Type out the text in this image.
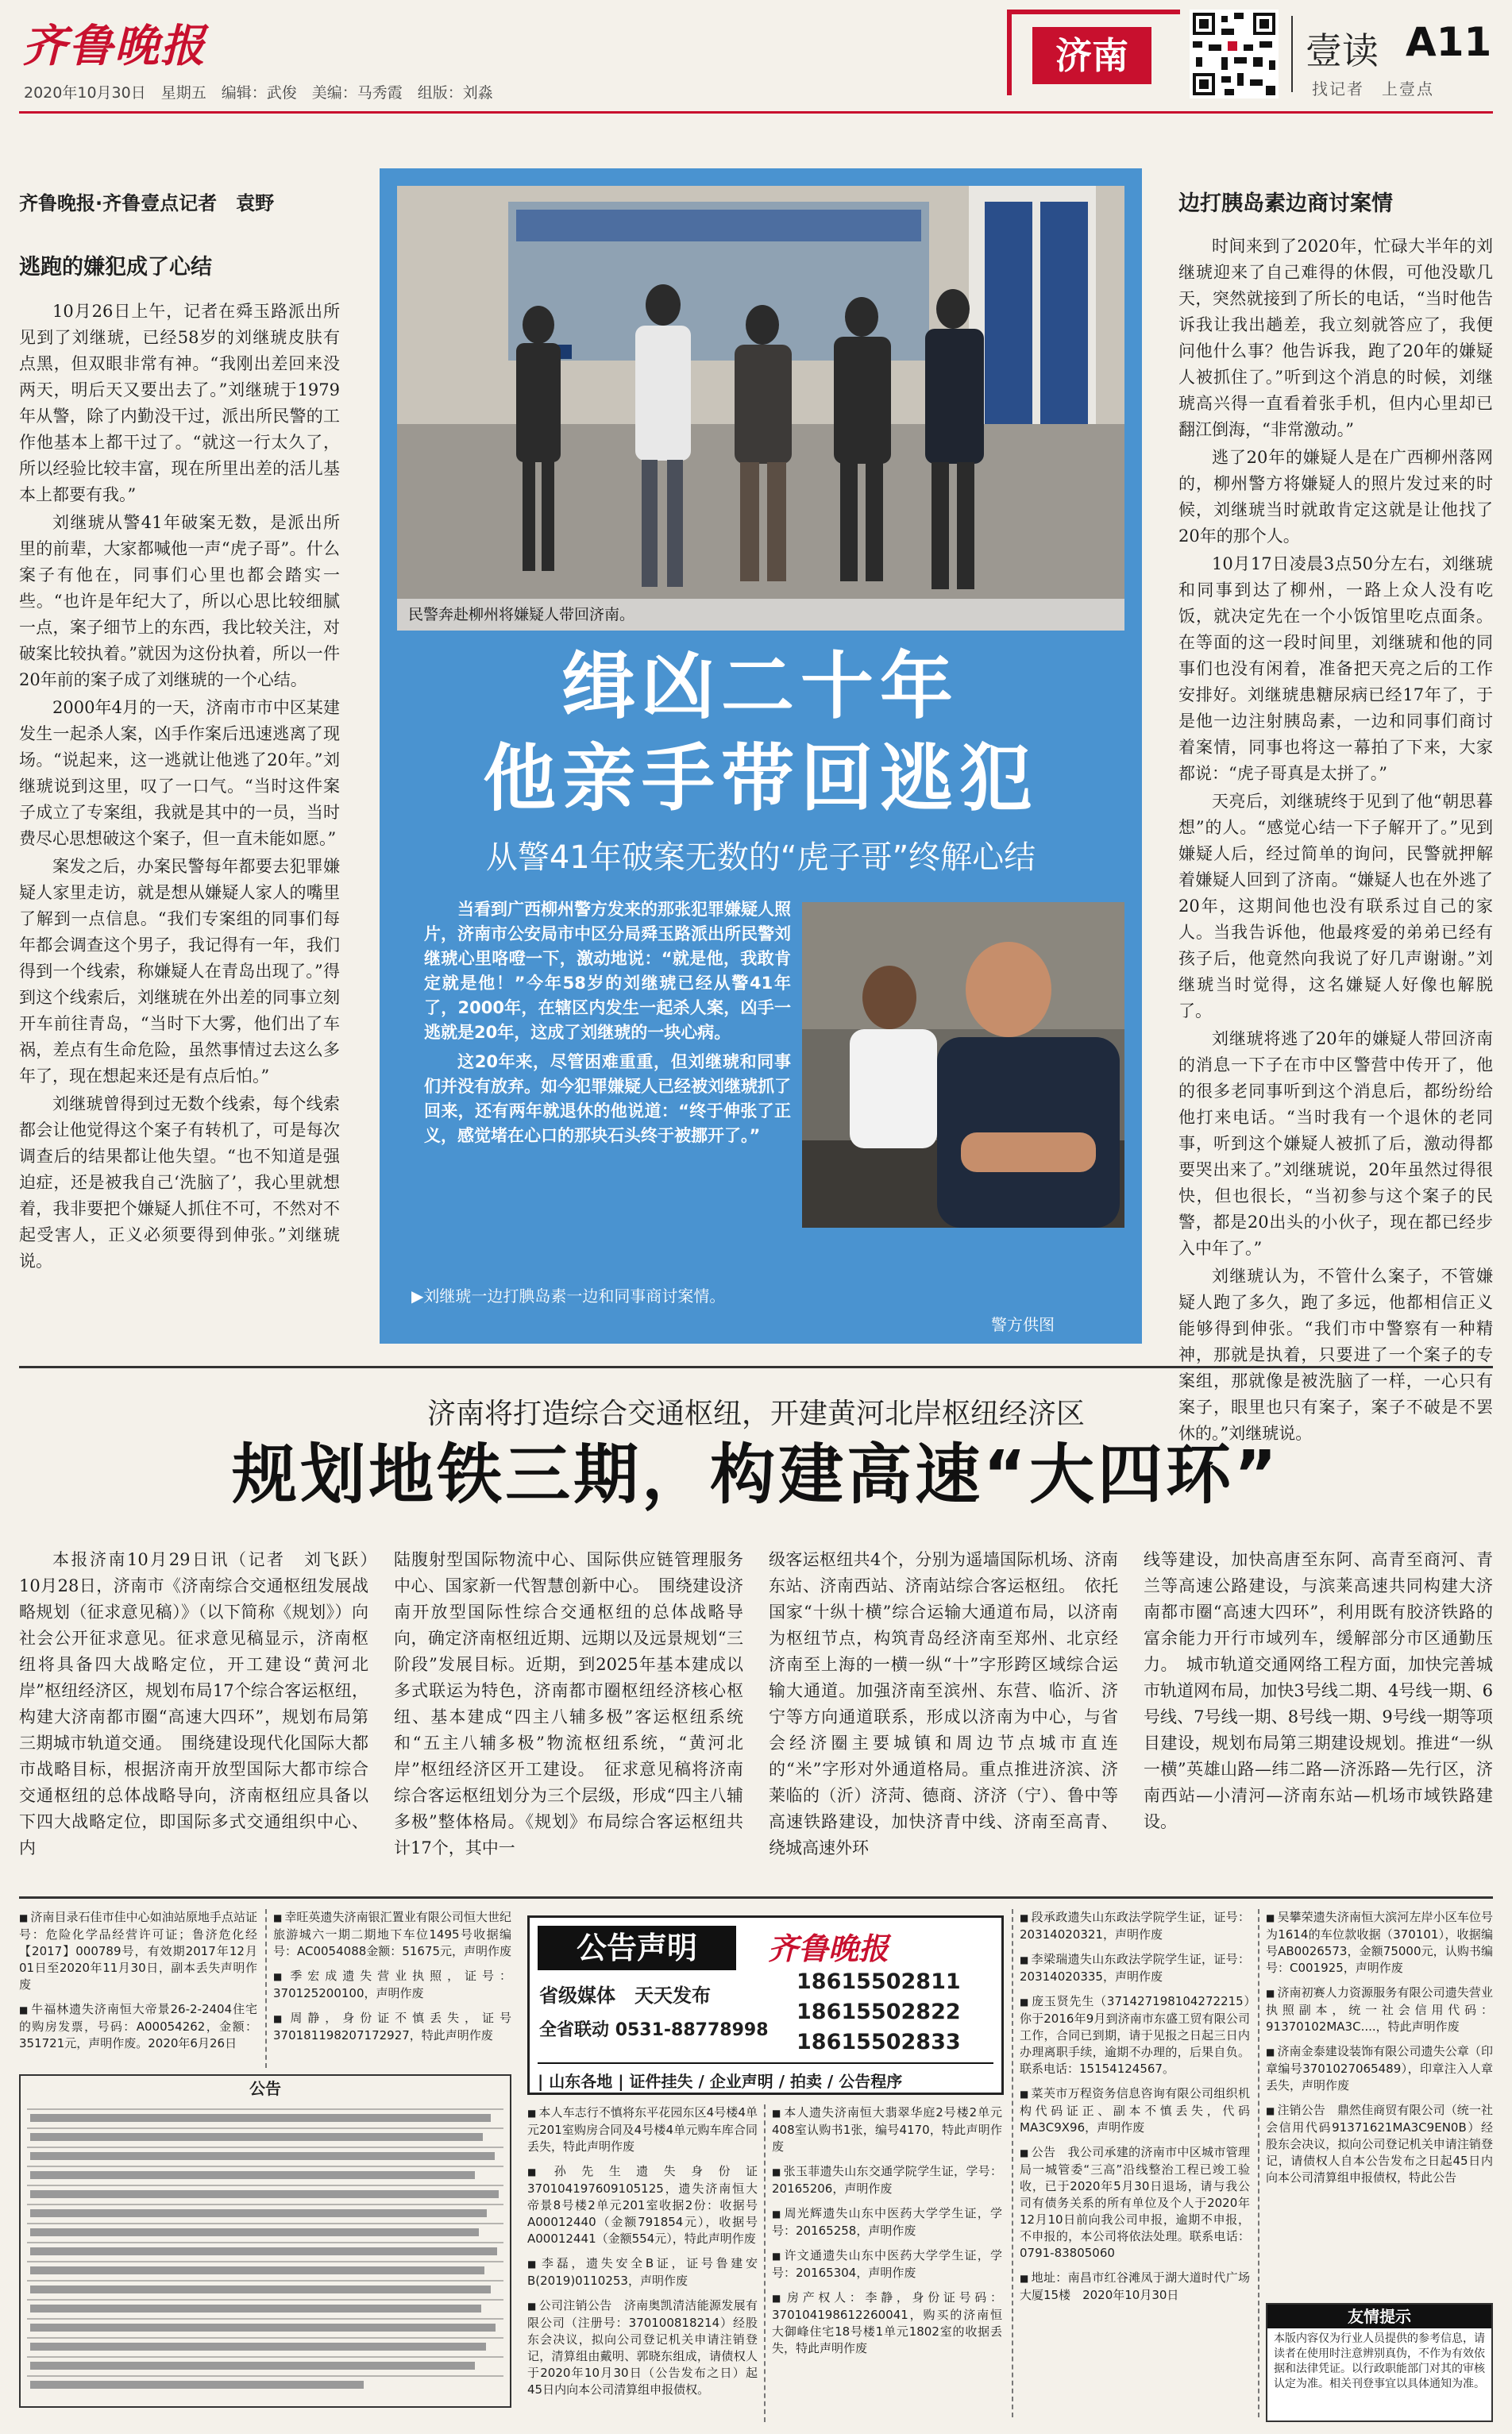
齐鲁晚报
2020年10月30日　星期五　编辑：武俊　美编：马秀霞　组版：刘淼
济南	壹读 A11
找记者　上壹点
齐鲁晚报·齐鲁壹点记者　袁野
逃跑的嫌犯成了心结

10月26日上午，记者在舜玉路派出所见到了刘继琥，已经58岁的刘继琥皮肤有点黑，但双眼非常有神。“我刚出差回来没两天，明后天又要出去了。”刘继琥于1979年从警，除了内勤没干过，派出所民警的工作他基本上都干过了。“就这一行太久了，所以经验比较丰富，现在所里出差的活儿基本上都要有我。”

刘继琥从警41年破案无数，是派出所里的前辈，大家都喊他一声“虎子哥”。什么案子有他在，同事们心里也都会踏实一些。“也许是年纪大了，所以心思比较细腻一点，案子细节上的东西，我比较关注，对破案比较执着。”就因为这份执着，所以一件20年前的案子成了刘继琥的一个心结。

2000年4月的一天，济南市市中区某建发生一起杀人案，凶手作案后迅速逃离了现场。“说起来，这一逃就让他逃了20年。”刘继琥说到这里，叹了一口气。“当时这件案子成立了专案组，我就是其中的一员，当时费尽心思想破这个案子，但一直未能如愿。”

案发之后，办案民警每年都要去犯罪嫌疑人家里走访，就是想从嫌疑人家人的嘴里了解到一点信息。“我们专案组的同事们每年都会调查这个男子，我记得有一年，我们得到一个线索，称嫌疑人在青岛出现了。”得到这个线索后，刘继琥在外出差的同事立刻开车前往青岛，“当时下大雾，他们出了车祸，差点有生命危险，虽然事情过去这么多年了，现在想起来还是有点后怕。”

刘继琥曾得到过无数个线索，每个线索都会让他觉得这个案子有转机了，可是每次调查后的结果都让他失望。“也不知道是强迫症，还是被我自己‘洗脑了’，我心里就想着，我非要把个嫌疑人抓住不可，不然对不起受害人，正义必须要得到伸张。”刘继琥说。

民警奔赴柳州将嫌疑人带回济南。
缉凶二十年
他亲手带回逃犯
从警41年破案无数的“虎子哥”终解心结

当看到广西柳州警方发来的那张犯罪嫌疑人照片，济南市公安局市中区分局舜玉路派出所民警刘继琥心里咯噔一下，激动地说：“就是他，我敢肯定就是他！”今年58岁的刘继琥已经从警41年了，2000年，在辖区内发生一起杀人案，凶手一逃就是20年，这成了刘继琥的一块心病。

这20年来，尽管困难重重，但刘继琥和同事们并没有放弃。如今犯罪嫌疑人已经被刘继琥抓了回来，还有两年就退休的他说道：“终于伸张了正义，感觉堵在心口的那块石头终于被挪开了。”

▶刘继琥一边打腆岛素一边和同事商讨案情。
警方供图
边打胰岛素边商讨案情

时间来到了2020年，忙碌大半年的刘继琥迎来了自己难得的休假，可他没歇几天，突然就接到了所长的电话，“当时他告诉我让我出趟差，我立刻就答应了，我便问他什么事？他告诉我，跑了20年的嫌疑人被抓住了。”听到这个消息的时候，刘继琥高兴得一直看着张手机，但内心里却已翻江倒海，“非常激动。”

逃了20年的嫌疑人是在广西柳州落网的，柳州警方将嫌疑人的照片发过来的时候，刘继琥当时就敢肯定这就是让他找了20年的那个人。

10月17日凌晨3点50分左右，刘继琥和同事到达了柳州，一路上众人没有吃饭，就决定先在一个小饭馆里吃点面条。在等面的这一段时间里，刘继琥和他的同事们也没有闲着，准备把天亮之后的工作安排好。刘继琥患糖尿病已经17年了，于是他一边注射胰岛素，一边和同事们商讨着案情，同事也将这一幕拍了下来，大家都说：“虎子哥真是太拼了。”

天亮后，刘继琥终于见到了他“朝思暮想”的人。“感觉心结一下子解开了。”见到嫌疑人后，经过简单的询问，民警就押解着嫌疑人回到了济南。“嫌疑人也在外逃了20年，这期间他也没有联系过自己的家人。当我告诉他，他最疼爱的弟弟已经有孩子后，他竟然向我说了好几声谢谢。”刘继琥当时觉得，这名嫌疑人好像也解脱了。

刘继琥将逃了20年的嫌疑人带回济南的消息一下子在市中区警营中传开了，他的很多老同事听到这个消息后，都纷纷给他打来电话。“当时我有一个退休的老同事，听到这个嫌疑人被抓了后，激动得都要哭出来了。”刘继琥说，20年虽然过得很快，但也很长，“当初参与这个案子的民警，都是20出头的小伙子，现在都已经步入中年了。”

刘继琥认为，不管什么案子，不管嫌疑人跑了多久，跑了多远，他都相信正义能够得到伸张。“我们市中警察有一种精神，那就是执着，只要进了一个案子的专案组，那就像是被洗脑了一样，一心只有案子，眼里也只有案子，案子不破是不罢休的。”刘继琥说。

济南将打造综合交通枢纽，开建黄河北岸枢纽经济区
规划地铁三期，构建高速“大四环”

本报济南10月29日讯（记者　刘飞跃）　10月28日，济南市《济南综合交通枢纽发展战略规划（征求意见稿）》（以下简称《规划》）向社会公开征求意见。征求意见稿显示，济南枢纽将具备四大战略定位，开工建设“黄河北岸”枢纽经济区，规划布局17个综合客运枢纽，构建大济南都市圈“高速大四环”，规划布局第三期城市轨道交通。　围绕建设现代化国际大都市战略目标，根据济南开放型国际大都市综合交通枢纽的总体战略导向，济南枢纽应具备以下四大战略定位，即国际多式交通组织中心、内

陆腹射型国际物流中心、国际供应链管理服务中心、国家新一代智慧创新中心。　围绕建设济南开放型国际性综合交通枢纽的总体战略导向，确定济南枢纽近期、远期以及远景规划“三阶段”发展目标。近期，到2025年基本建成以多式联运为特色，济南都市圈枢纽经济核心枢纽、基本建成“四主八辅多极”客运枢纽系统和“五主八辅多极”物流枢纽系统，“黄河北岸”枢纽经济区开工建设。　征求意见稿将济南综合客运枢纽划分为三个层级，形成“四主八辅多极”整体格局。《规划》布局综合客运枢纽共计17个，其中一

级客运枢纽共4个，分别为遥墙国际机场、济南东站、济南西站、济南站综合客运枢纽。　依托国家“十纵十横”综合运输大通道布局，以济南为枢纽节点，构筑青岛经济南至郑州、北京经济南至上海的一横一纵“十”字形跨区域综合运输大通道。加强济南至滨州、东营、临沂、济宁等方向通道联系，形成以济南为中心，与省会经济圈主要城镇和周边节点城市直连的“米”字形对外通道格局。重点推进济滨、济莱临的（沂）济菏、德商、济济（宁）、鲁中等高速铁路建设，加快济青中线、济南至高青、绕城高速外环

线等建设，加快高唐至东阿、高青至商河、青兰等高速公路建设，与滨莱高速共同构建大济南都市圈“高速大四环”，利用既有胶济铁路的富余能力开行市域列车，缓解部分市区通勤压力。　城市轨道交通网络工程方面，加快完善城市轨道网布局，加快3号线二期、4号线一期、6号线、7号线一期、8号线一期、9号线一期等项目建设，规划布局第三期建设规划。推进“一纵一横”英雄山路—纬二路—济泺路—先行区，济南西站—小清河—济南东站—机场市域铁路建设。

■ 济南目录石佳市佳中心如油站原地手点站证号：危险化学品经营许可证；鲁济危化经【2017】000789号，有效期2017年12月01日至2020年11月30日，副本丢失声明作废
■ 牛福林遗失济南恒大帝景26-2-2404住宅的购房发票，号码：A00054262，金额：351721元，声明作废。2020年6月26日
■ 幸旺英遗失济南银汇置业有限公司恒大世纪旅游城六一期二期地下车位1495号收据编号：AC0054088金额：51675元，声明作废
■ 季宏成遗失营业执照，证号：370125200100，声明作废
■ 周静，身份证不慎丢失，证号370181198207172927，特此声明作废
公告
公告声明	齐鲁晚报
省级媒体　天天发布
18615502811
18615502822
18615502833
全省联动 0531-88778998
| 山东各地 | 证件挂失 / 企业声明 / 拍卖 / 公告程序
■ 本人车志行不慎将东平花园东区4号楼4单元201室购房合同及4号楼4单元购车库合同丢失，特此声明作废
■ 孙先生遗失身份证370104197609105125，遗失济南恒大帝景8号楼2单元201室收据2份：收据号A00012440（金额791854元），收据号A00012441（金额554元），特此声明作废
■ 李磊，遗失安全B证，证号鲁建安B(2019)0110253，声明作废
■ 公司注销公告　济南奥凯清洁能源发展有限公司（注册号：370100818214）经股东会决议，拟向公司登记机关申请注销登记，清算组由戴明、郭晓东组成，请债权人于2020年10月30日（公告发布之日）起45日内向本公司清算组申报债权。
■ 本人遗失济南恒大翡翠华庭2号楼2单元408室认购书1张，编号4170，特此声明作废
■ 张玉菲遗失山东交通学院学生证，学号：20165206，声明作废
■ 周光辉遗失山东中医药大学学生证，学号：20165258，声明作废
■ 许文通遗失山东中医药大学学生证，学号：20165304，声明作废
■ 房产权人：李静，身份证号码：370104198612260041，购买的济南恒大御峰住宅18号楼1单元1802室的收据丢失，特此声明作废
■ 段承政遗失山东政法学院学生证，证号：20314020321，声明作废
■ 李梁瑞遗失山东政法学院学生证，证号：20314020335，声明作废
■ 庞玉贤先生（371427198104272215）你于2016年9月到济南市东盛工贸有限公司工作，合同已到期，请于见报之日起三日内办理离职手续，逾期不办理的，后果自负。联系电话：15154124567。
■ 菜芙市万程资务信息咨询有限公司组织机构代码证正、副本不慎丢失，代码MA3C9X96，声明作废
■ 公告　我公司承建的济南市中区城市管理局一城管委“三高”沿线整治工程已竣工验收，已于2020年5月30日退场，请与我公司有债务关系的所有单位及个人于2020年12月10日前向我公司申报，逾期不申报，不申报的，本公司将依法处理。联系电话：0791-83805060
■ 地址：南昌市红谷滩凤于湖大道时代广场大厦15楼　2020年10月30日
■ 吴攀荣遗失济南恒大滨河左岸小区车位号为1614的车位款收据（370101），收据编号AB0026573，金额75000元，认购书编号：C001925，声明作废
■ 济南初赛人力资源服务有限公司遗失营业执照副本，统一社会信用代码：91370102MA3C....，特此声明作废
■ 济南金泰建设装饰有限公司遗失公章（印章编号3701027065489），印章注入人章丢失，声明作废
■ 注销公告　鼎然佳商贸有限公司（统一社会信用代码91371621MA3C9EN0B）经股东会决议，拟向公司登记机关申请注销登记，请债权人自本公告发布之日起45日内向本公司清算组申报债权，特此公告
友情提示
本版内容仅为行业人员提供的参考信息，请读者在使用时注意辨别真伪，不作为有效依据和法律凭证。以行政职能部门对其的审核认定为准。相关刊登事宜以具体通知为准。
